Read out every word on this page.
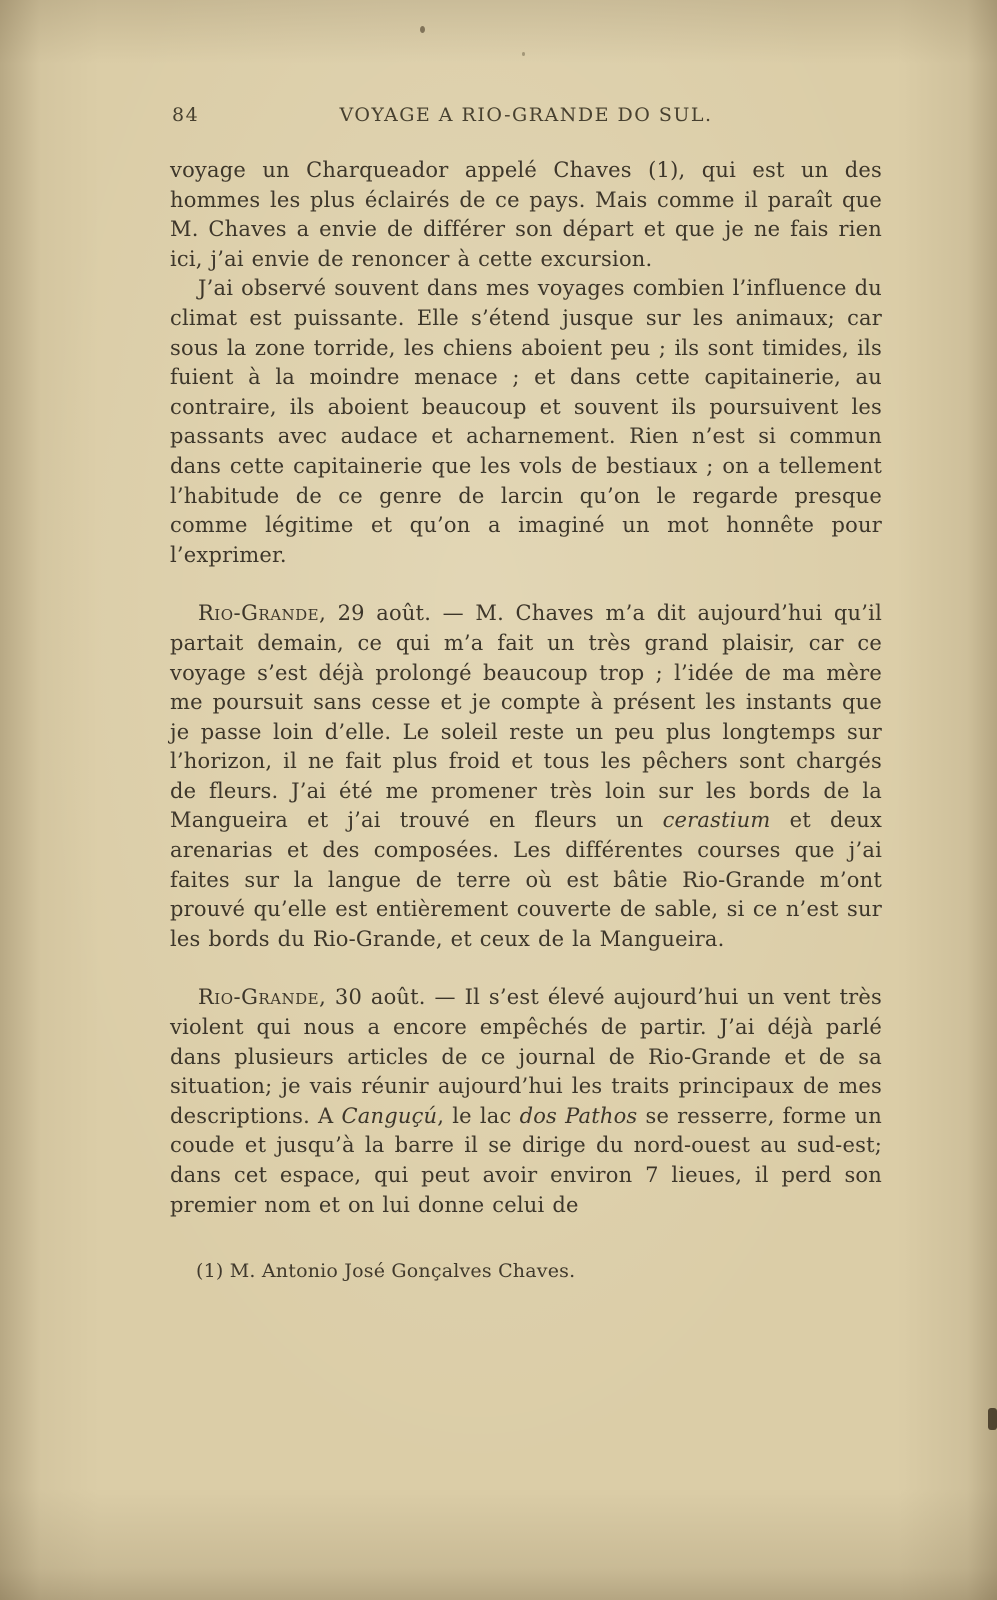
84	VOYAGE A RIO-GRANDE DO SUL.

voyage un Charqueador appelé Chaves (1), qui est un des hommes les plus éclairés de ce pays. Mais comme il paraît que M. Chaves a envie de différer son départ et que je ne fais rien ici, j’ai envie de renoncer à cette excursion.

J’ai observé souvent dans mes voyages combien l’influence du climat est puissante. Elle s’étend jusque sur les animaux; car sous la zone torride, les chiens aboient peu ; ils sont timides, ils fuient à la moindre menace ; et dans cette capitainerie, au contraire, ils aboient beaucoup et souvent ils poursuivent les passants avec audace et acharnement. Rien n’est si commun dans cette capitainerie que les vols de bestiaux ; on a tellement l’habitude de ce genre de larcin qu’on le regarde presque comme légitime et qu’on a imaginé un mot honnête pour l’exprimer.

Rio-Grande, 29 août. — M. Chaves m’a dit aujourd’hui qu’il partait demain, ce qui m’a fait un très grand plaisir, car ce voyage s’est déjà prolongé beaucoup trop ; l’idée de ma mère me poursuit sans cesse et je compte à présent les instants que je passe loin d’elle. Le soleil reste un peu plus longtemps sur l’horizon, il ne fait plus froid et tous les pêchers sont chargés de fleurs. J’ai été me promener très loin sur les bords de la Mangueira et j’ai trouvé en fleurs un cerastium et deux arenarias et des composées. Les différentes courses que j’ai faites sur la langue de terre où est bâtie Rio-Grande m’ont prouvé qu’elle est entièrement couverte de sable, si ce n’est sur les bords du Rio-Grande, et ceux de la Mangueira.

Rio-Grande, 30 août. — Il s’est élevé aujourd’hui un vent très violent qui nous a encore empêchés de partir. J’ai déjà parlé dans plusieurs articles de ce journal de Rio-Grande et de sa situation; je vais réunir aujourd’hui les traits principaux de mes descriptions. A Canguçú, le lac dos Pathos se resserre, forme un coude et jusqu’à la barre il se dirige du nord-ouest au sud-est; dans cet espace, qui peut avoir environ 7 lieues, il perd son premier nom et on lui donne celui de

(1) M. Antonio José Gonçalves Chaves.
